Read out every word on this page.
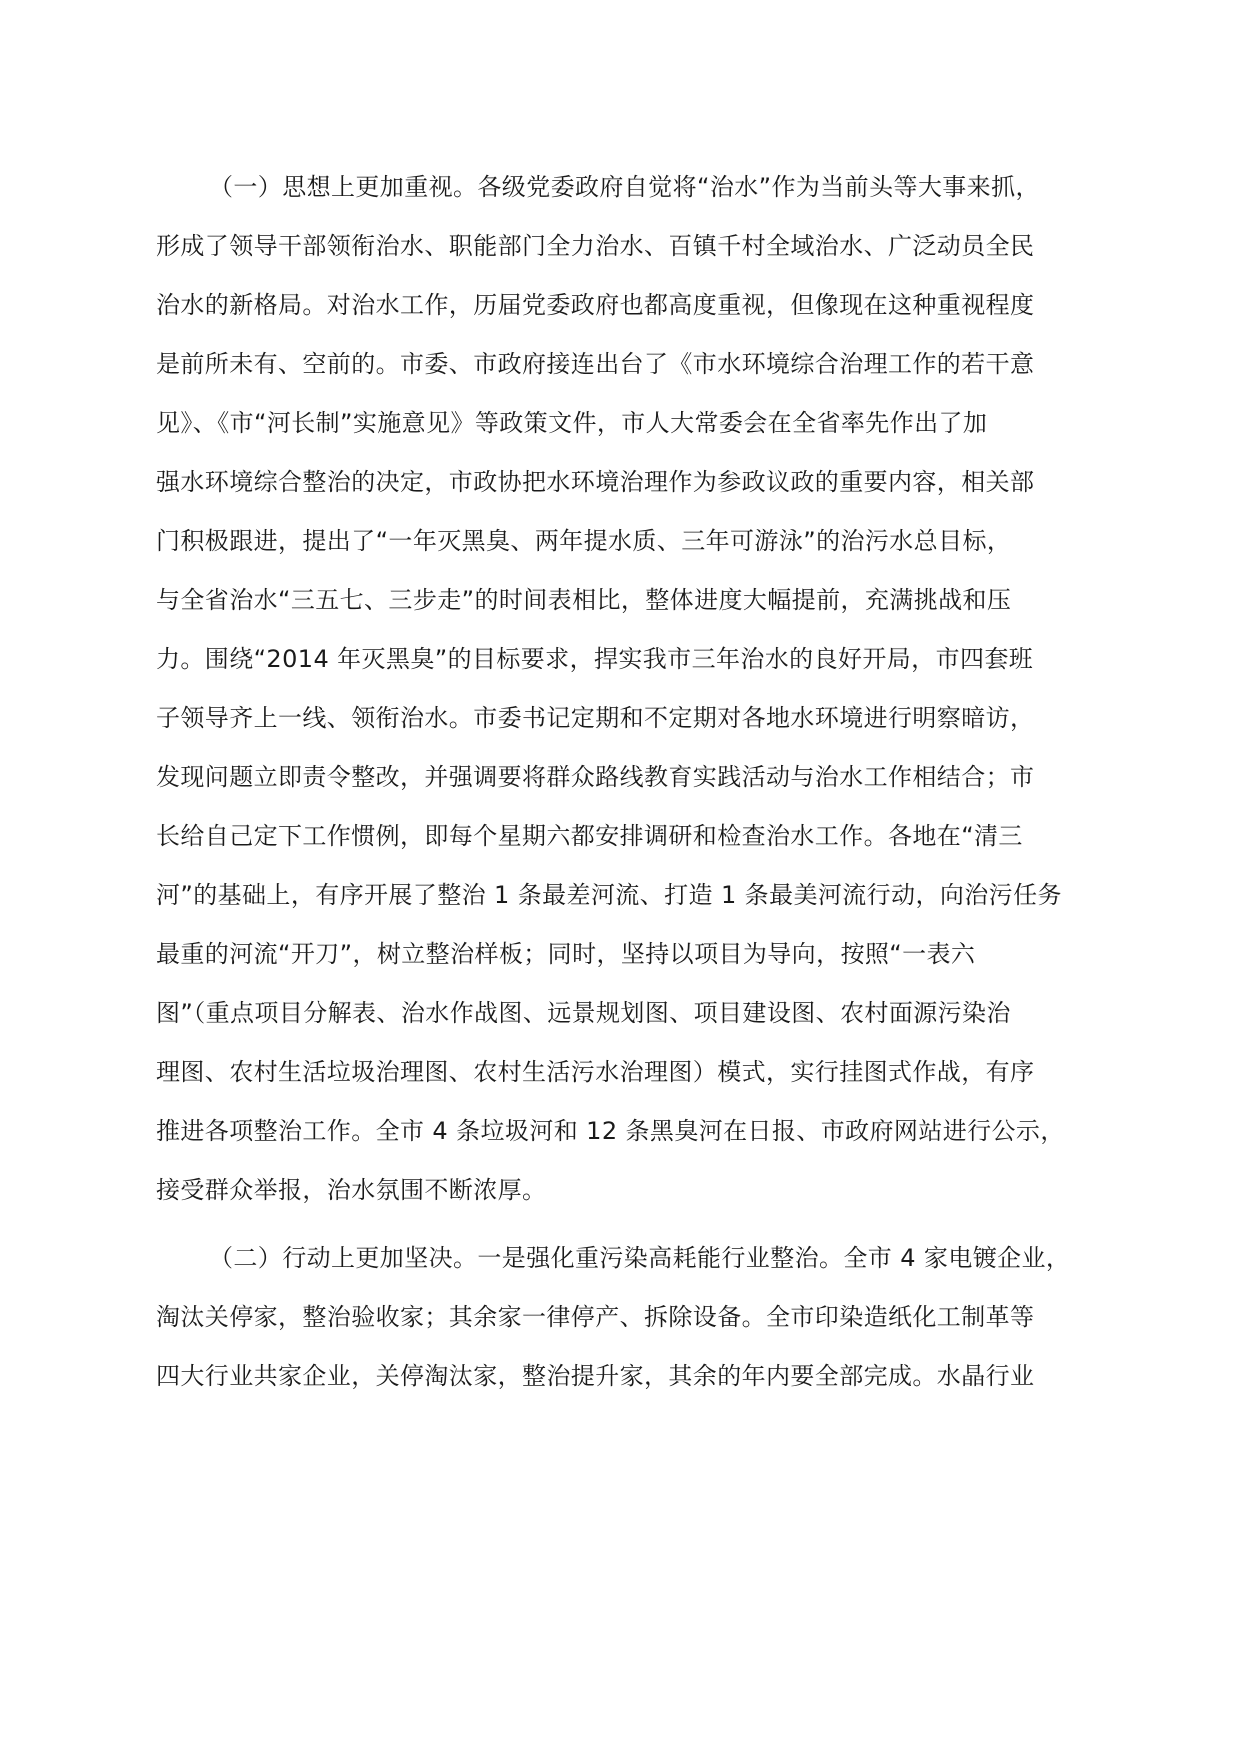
（一）思想上更加重视。各级党委政府自觉将“治水”作为当前头等大事来抓，
形成了领导干部领衔治水、职能部门全力治水、百镇千村全域治水、广泛动员全民
治水的新格局。对治水工作，历届党委政府也都高度重视，但像现在这种重视程度
是前所未有、空前的。市委、市政府接连出台了《市水环境综合治理工作的若干意
见》、《市“河长制”实施意见》等政策文件，市人大常委会在全省率先作出了加
强水环境综合整治的决定，市政协把水环境治理作为参政议政的重要内容，相关部
门积极跟进，提出了“一年灭黑臭、两年提水质、三年可游泳”的治污水总目标，
与全省治水“三五七、三步走”的时间表相比，整体进度大幅提前，充满挑战和压
力。围绕“2014 年灭黑臭”的目标要求，捍实我市三年治水的良好开局，市四套班
子领导齐上一线、领衔治水。市委书记定期和不定期对各地水环境进行明察暗访，
发现问题立即责令整改，并强调要将群众路线教育实践活动与治水工作相结合；市
长给自己定下工作惯例，即每个星期六都安排调研和检查治水工作。各地在“清三
河”的基础上，有序开展了整治 1 条最差河流、打造 1 条最美河流行动，向治污任务
最重的河流“开刀”，树立整治样板；同时，坚持以项目为导向，按照“一表六
图”（重点项目分解表、治水作战图、远景规划图、项目建设图、农村面源污染治
理图、农村生活垃圾治理图、农村生活污水治理图）模式，实行挂图式作战，有序
推进各项整治工作。全市 4 条垃圾河和 12 条黑臭河在日报、市政府网站进行公示，
接受群众举报，治水氛围不断浓厚。
（二）行动上更加坚决。一是强化重污染高耗能行业整治。全市 4 家电镀企业，
淘汰关停家，整治验收家；其余家一律停产、拆除设备。全市印染造纸化工制革等
四大行业共家企业，关停淘汰家，整治提升家，其余的年内要全部完成。水晶行业
